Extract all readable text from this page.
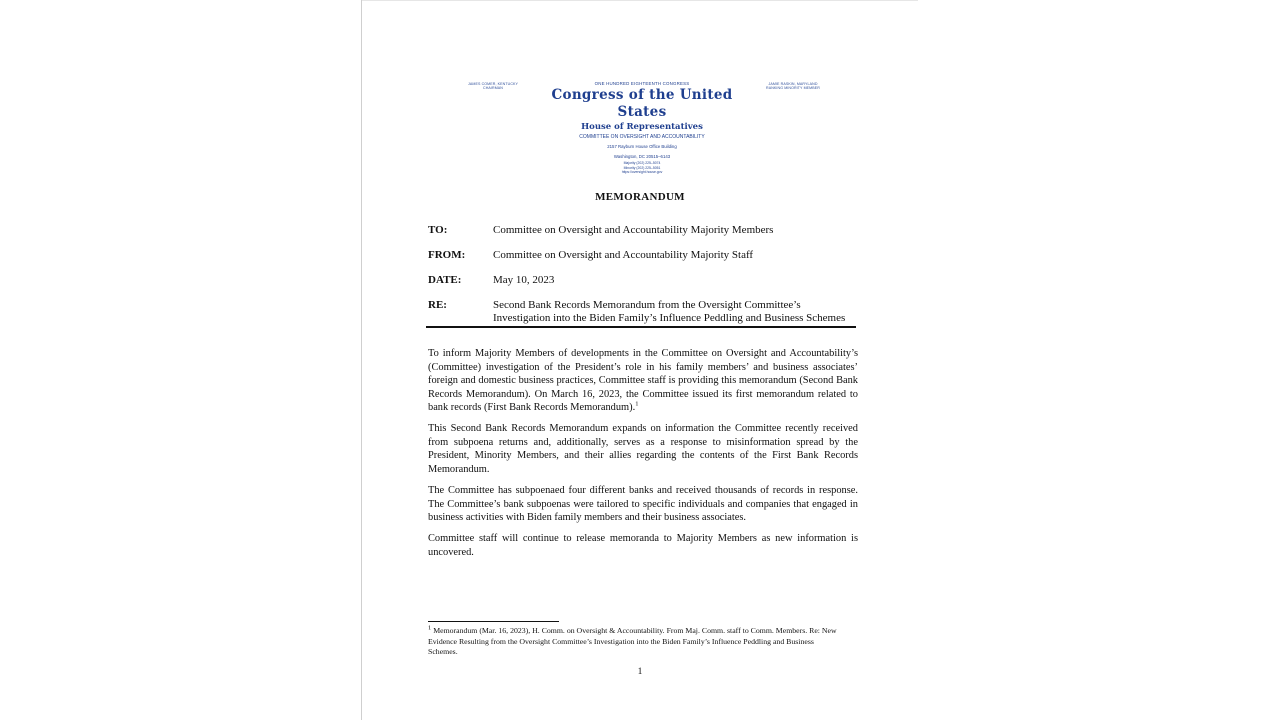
JAMES COMER, KENTUCKY
CHAIRMAN
JAMIE RASKIN, MARYLAND
RANKING MINORITY MEMBER
ONE HUNDRED EIGHTEENTH CONGRESS
Congress of the United States
House of Representatives
COMMITTEE ON OVERSIGHT AND ACCOUNTABILITY
2157 Rayburn House Office Building
Washington, DC 20515–6143
Majority (202) 225–5074
Minority (202) 225–5051
https://oversight.house.gov
MEMORANDUM
TO:	Committee on Oversight and Accountability Majority Members
FROM:	Committee on Oversight and Accountability Majority Staff
DATE:	May 10, 2023
RE:	Second Bank Records Memorandum from the Oversight Committee’s
Investigation into the Biden Family’s Influence Peddling and Business Schemes
To inform Majority Members of developments in the Committee on Oversight and Accountability’s (Committee) investigation of the President’s role in his family members’ and business associates’ foreign and domestic business practices, Committee staff is providing this memorandum (Second Bank Records Memorandum). On March 16, 2023, the Committee issued its first memorandum related to bank records (First Bank Records Memorandum).$^1$
This Second Bank Records Memorandum expands on information the Committee recently received from subpoena returns and, additionally, serves as a response to misinformation spread by the President, Minority Members, and their allies regarding the contents of the First Bank Records Memorandum.
The Committee has subpoenaed four different banks and received thousands of records in response. The Committee’s bank subpoenas were tailored to specific individuals and companies that engaged in business activities with Biden family members and their business associates.
Committee staff will continue to release memoranda to Majority Members as new information is uncovered.
$^1$ Memorandum (Mar. 16, 2023), H. Comm. on Oversight & Accountability. From Maj. Comm. staff to Comm. Members. Re: New Evidence Resulting from the Oversight Committee’s Investigation into the Biden Family’s Influence Peddling and Business Schemes.
1
